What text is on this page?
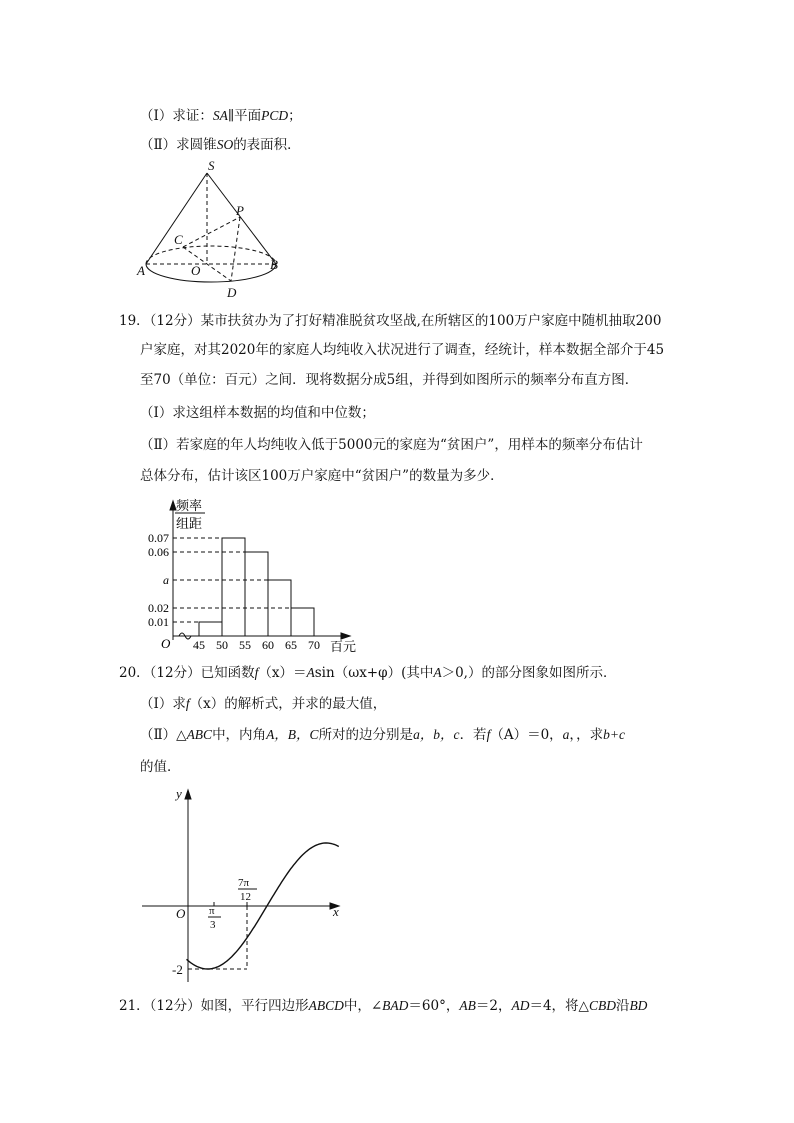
（Ⅰ）求证：SA∥平面PCD；
（Ⅱ）求圆锥SO的表面积．
S
P
C
A	O	B
D
19．（12分）某市扶贫办为了打好精准脱贫攻坚战,在所辖区的100万户家庭中随机抽取200
户家庭，对其2020年的家庭人均纯收入状况进行了调查，经统计，样本数据全部介于45
至70（单位：百元）之间．现将数据分成5组，并得到如图所示的频率分布直方图．
（Ⅰ）求这组样本数据的均值和中位数；
（Ⅱ）若家庭的年人均纯收入低于5000元的家庭为“贫困户”，用样本的频率分布估计
总体分布，估计该区100万户家庭中“贫困户”的数量为多少．
频率
组距
百元
O
0.07
0.06
a
0.02
0.01
45 50 55 60 65 70
20．（12分）已知函数f（x）＝Asin（ωx+φ）(其中A＞0,）的部分图象如图所示．
（Ⅰ）求f（x）的解析式，并求的最大值，
（Ⅱ）△ABC中，内角A，B，C所对的边分别是a，b，c．若f（A）＝0，a，，求b+c
的值．
y
x
O π
3
7π
12
-2
21．（12分）如图，平行四边形ABCD中，∠BAD＝60°，AB＝2，AD＝4，将△CBD沿BD
